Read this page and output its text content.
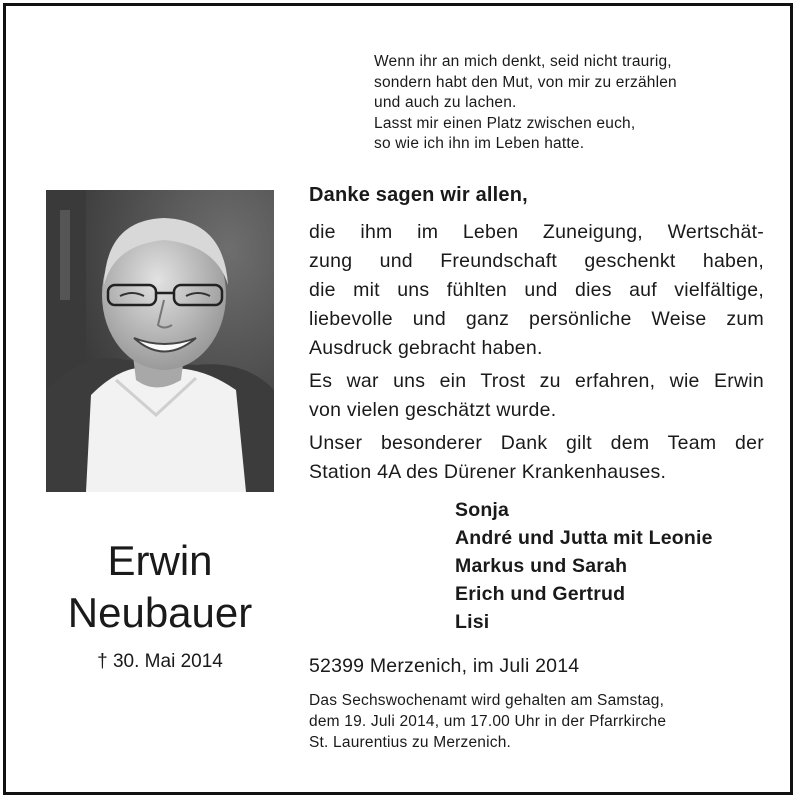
Wenn ihr an mich denkt, seid nicht traurig,
sondern habt den Mut, von mir zu erzählen
und auch zu lachen.
Lasst mir einen Platz zwischen euch,
so wie ich ihn im Leben hatte.
Danke sagen wir allen,
die ihm im Leben Zuneigung, Wertschät-
zung und Freundschaft geschenkt haben,
die mit uns fühlten und dies auf vielfältige,
liebevolle und ganz persönliche Weise zum
Ausdruck gebracht haben.
Es war uns ein Trost zu erfahren, wie Erwin
von vielen geschätzt wurde.
Unser besonderer Dank gilt dem Team der
Station 4A des Dürener Krankenhauses.
Sonja
André und Jutta mit Leonie
Markus und Sarah
Erich und Gertrud
Lisi
Erwin
Neubauer
† 30. Mai 2014	52399 Merzenich, im Juli 2014
Das Sechswochenamt wird gehalten am Samstag,
dem 19. Juli 2014, um 17.00 Uhr in der Pfarrkirche
St. Laurentius zu Merzenich.
